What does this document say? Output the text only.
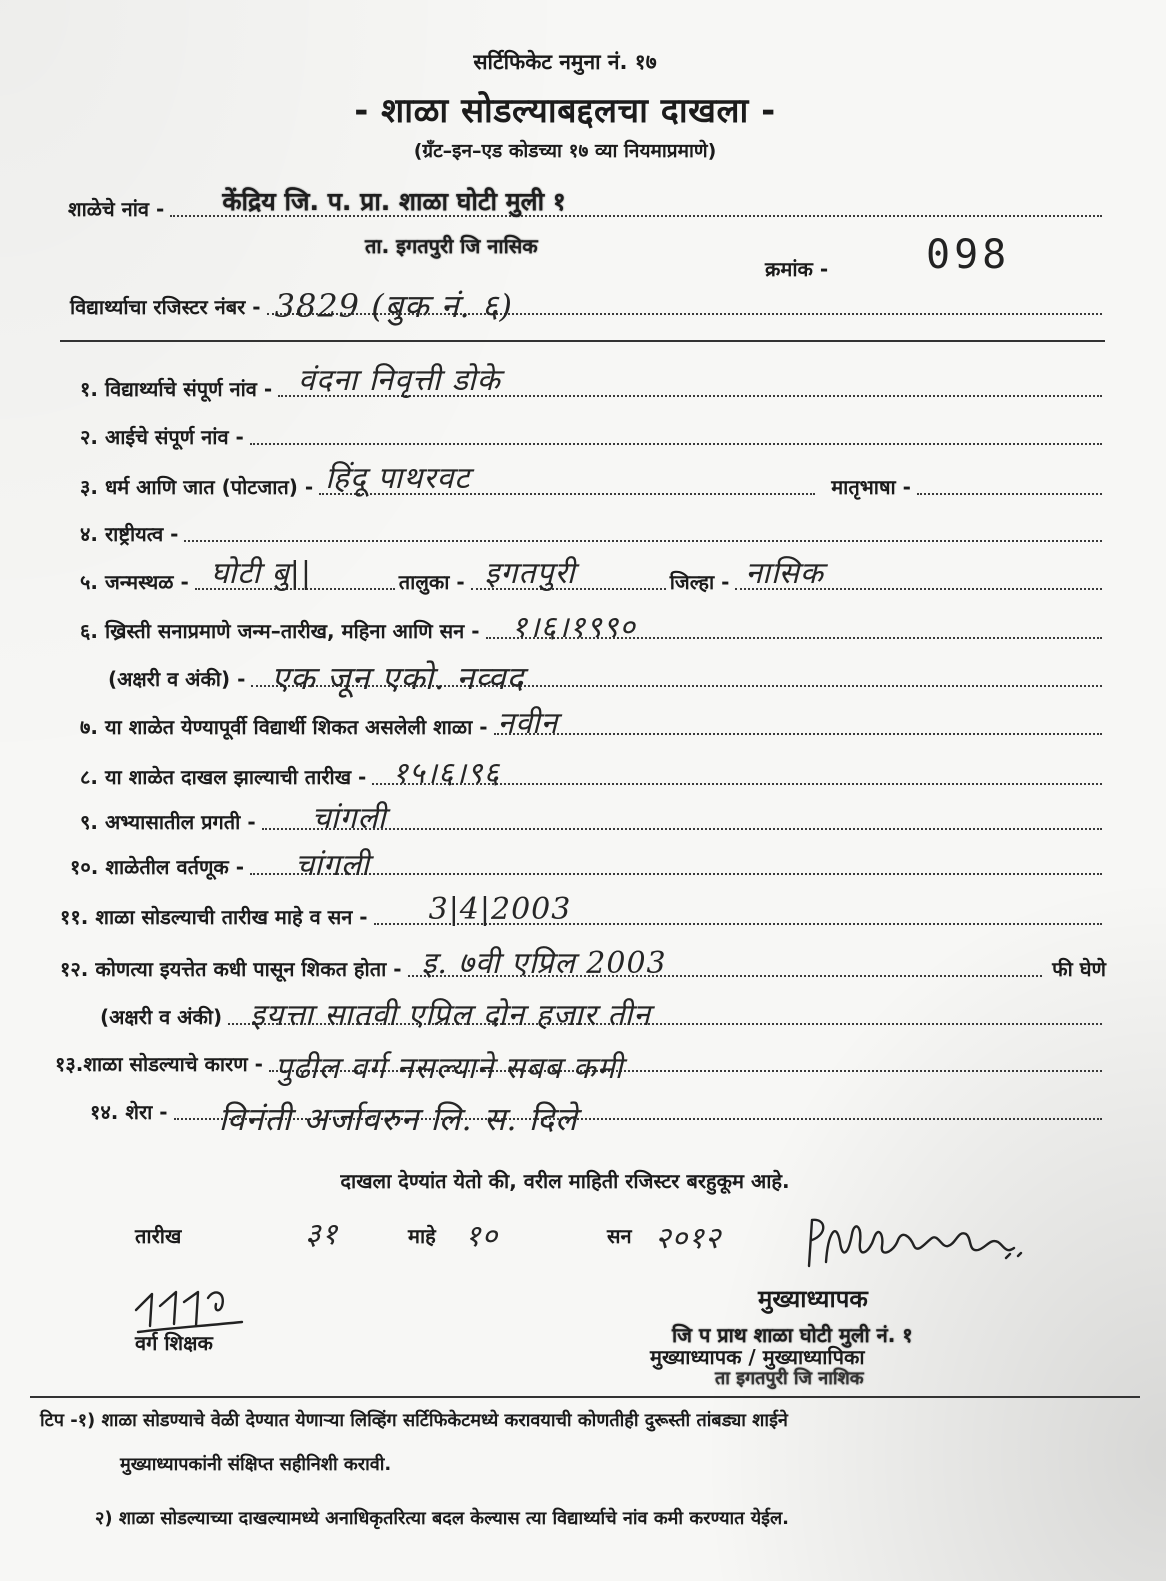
सर्टिफिकेट नमुना नं. १७
- शाळा सोडल्याबद्दलचा दाखला -
(ग्रँट–इन–एड कोडच्या १७ व्या नियमाप्रमाणे)
शाळेचे नांव - केंद्रिय जि. प. प्रा. शाळा घोटी मुली १
ता. इगतपुरी जि नासिक
क्रमांक - 098
विद्यार्थ्याचा रजिस्टर नंबर - 3829 (बुक नं. ६)
१. विद्यार्थ्याचे संपूर्ण नांव - वंदना निवृत्ती डोके
२. आईचे संपूर्ण नांव -
३. धर्म आणि जात (पोटजात) - हिंदू पाथरवट	मातृभाषा -
४. राष्ट्रीयत्व -
५. जन्मस्थळ - घोटी बु||	तालुका - इगतपुरी	जिल्हा - नासिक
६. ख्रिस्ती सनाप्रमाणे जन्म–तारीख, महिना आणि सन - १।६।१९९०
(अक्षरी व अंकी) - एक जून एको. नव्वद
७. या शाळेत येण्यापूर्वी विद्यार्थी शिकत असलेली शाळा - नवीन
८. या शाळेत दाखल झाल्याची तारीख - १५।६।९६
९. अभ्यासातील प्रगती - चांगली
१०. शाळेतील वर्तणूक - चांगली
११. शाळा सोडल्याची तारीख माहे व सन - 3|4|2003
१२. कोणत्या इयत्तेत कधी पासून शिकत होता - इ. ७वी एप्रिल 2003	फी घेणे
(अक्षरी व अंकी) इयत्ता सातवी एप्रिल दोन हजार तीन
१३.शाळा सोडल्याचे कारण - पुढील वर्ग नसल्याने सबब कमी
१४. शेरा - विनंती अर्जावरुन लि. स. दिले
दाखला देण्यांत येतो की, वरील माहिती रजिस्टर बरहुकूम आहे.
तारीख	३१	माहे १०	सन २०१२
मुख्याध्यापक
वर्ग शिक्षक	जि प प्राथ शाळा घोटी मुली नं. १
मुख्याध्यापक / मुख्याध्यापिका
ता इगतपुरी जि नाशिक
टिप -१) शाळा सोडण्याचे वेळी देण्यात येणाऱ्या लिव्हिंग सर्टिफिकेटमध्ये करावयाची कोणतीही दुरूस्ती तांबड्या शाईने
मुख्याध्यापकांनी संक्षिप्त सहीनिशी करावी.
२) शाळा सोडल्याच्या दाखल्यामध्ये अनाधिकृतरित्या बदल केल्यास त्या विद्यार्थ्याचे नांव कमी करण्यात येईल.
